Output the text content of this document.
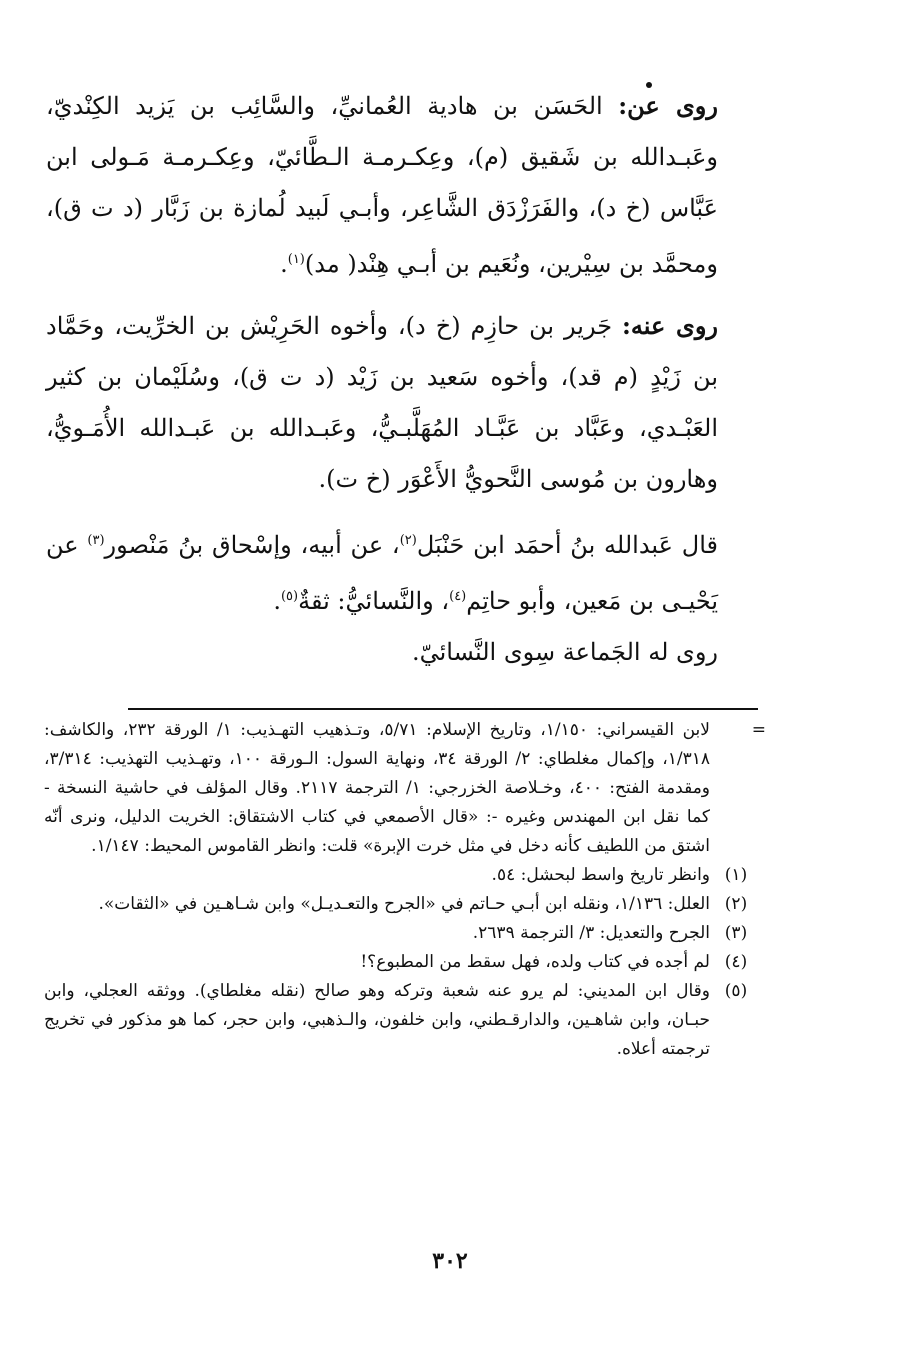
روى عن: الحَسَن بن هادية العُمانيِّ، والسَّائِب بن يَزيد الكِنْديّ، وعَبـدالله بن شَقيق (م)، وعِكـرمـة الـطَّائيّ، وعِكـرمـة مَـولى ابن عَبَّاس (خ د)، والفَرَزْدَق الشَّاعِر، وأبـي لَبيد لُمازة بن زَبَّار (د ت ق)، ومحمَّد بن سِيْرين، ونُعَيم بن أبـي هِنْد( مد)$^{(١)}$.

روى عنه: جَرير بن حازِم (خ د)، وأخوه الحَرِيْش بن الخرِّيت، وحَمَّاد بن زَيْدٍ (م قد)، وأخوه سَعيد بن زَيْد (د ت ق)، وسُلَيْمان بن كثير العَبْـدي، وعَبَّاد بن عَبَّـاد المُهَلَّبـيُّ، وعَبـدالله بن عَبـدالله الأُمَـويُّ، وهارون بن مُوسى النَّحويُّ الأَعْوَر (خ ت).

قال عَبدالله بنُ أحمَد ابن حَنْبَل$^{(٢)}$، عن أبيه، وإسْحاق بنُ مَنْصور$^{(٣)}$ عن يَحْيـى بن مَعين، وأبو حاتِم$^{(٤)}$، والنَّسائيُّ: ثقةٌ$^{(٥)}$.

روى له الجَماعة سِوى النَّسائيّ.

=
لابن القيسراني: ١/١٥٠، وتاريخ الإسلام: ٥/٧١، وتـذهيب التهـذيب: ١/ الورقة ٢٣٢، والكاشف: ١/٣١٨، وإكمال مغلطاي: ٢/ الورقة ٣٤، ونهاية السول: الـورقة ١٠٠، وتهـذيب التهذيب: ٣/٣١٤، ومقدمة الفتح: ٤٠٠، وخـلاصة الخزرجي: ١/ الترجمة ٢١١٧. وقال المؤلف في حاشية النسخة - كما نقل ابن المهندس وغيره -: «قال الأصمعي في كتاب الاشتقاق: الخريت الدليل، ونرى أنّه اشتق من اللطيف كأنه دخل في مثل خرت الإبرة» قلت: وانظر القاموس المحيط: ١/١٤٧.

(١)
وانظر تاريخ واسط لبحشل: ٥٤.

(٢)
العلل: ١/١٣٦، ونقله ابن أبـي حـاتم في «الجرح والتعـديـل» وابن شـاهـين في «الثقات».

(٣)
الجرح والتعديل: ٣/ الترجمة ٢٦٣٩.

(٤)
لم أجده في كتاب ولده، فهل سقط من المطبوع؟!

(٥)
وقال ابن المديني: لم يرو عنه شعبة وتركه وهو صالح (نقله مغلطاي). ووثقه العجلي، وابن حبـان، وابن شاهـين، والدارقـطني، وابن خلفون، والـذهبي، وابن حجر، كما هو مذكور في تخريج ترجمته أعلاه.

٣٠٢
